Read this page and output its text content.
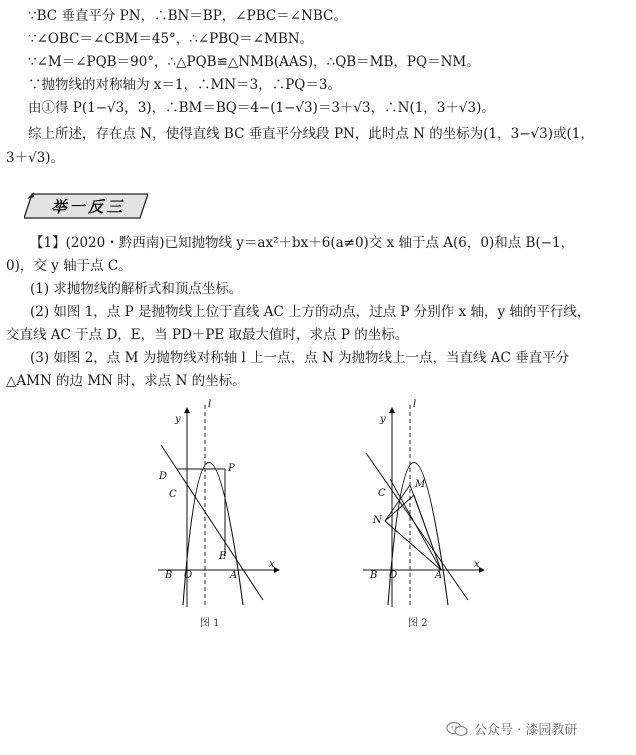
∵BC 垂直平分 PN，∴BN＝BP，∠PBC＝∠NBC。
∵∠OBC＝∠CBM＝45°，∴∠PBQ＝∠MBN。
∵∠M＝∠PQB＝90°，∴△PQB≌△NMB(AAS)，∴QB＝MB，PQ＝NM。
∵抛物线的对称轴为 x＝1，∴MN＝3，∴PQ＝3。
由①得 P(1−√3，3)，∴BM＝BQ＝4−(1−√3)＝3＋√3，∴N(1，3＋√3)。
综上所述，存在点 N，使得直线 BC 垂直平分线段 PN，此时点 N 的坐标为(1，3−√3)或(1，
3＋√3)。
举一反三
【1】(2020・黔西南)已知抛物线 y＝ax²＋bx＋6(a≠0)交 x 轴于点 A(6，0)和点 B(−1，
0)，交 y 轴于点 C。
(1) 求抛物线的解析式和顶点坐标。
(2) 如图 1，点 P 是抛物线上位于直线 AC 上方的动点，过点 P 分别作 x 轴，y 轴的平行线，
交直线 AC 于点 D，E，当 PD＋PE 取最大值时，求点 P 的坐标。
(3) 如图 2，点 M 为抛物线对称轴 l 上一点，点 N 为抛物线上一点，当直线 AC 垂直平分
△AMN 的边 MN 时，求点 N 的坐标。
y
l
D
P
C
E
B O	A
x
图 1
y
l
M
C
N
B O	A
x
图 2
公众号 · 漆园教研
